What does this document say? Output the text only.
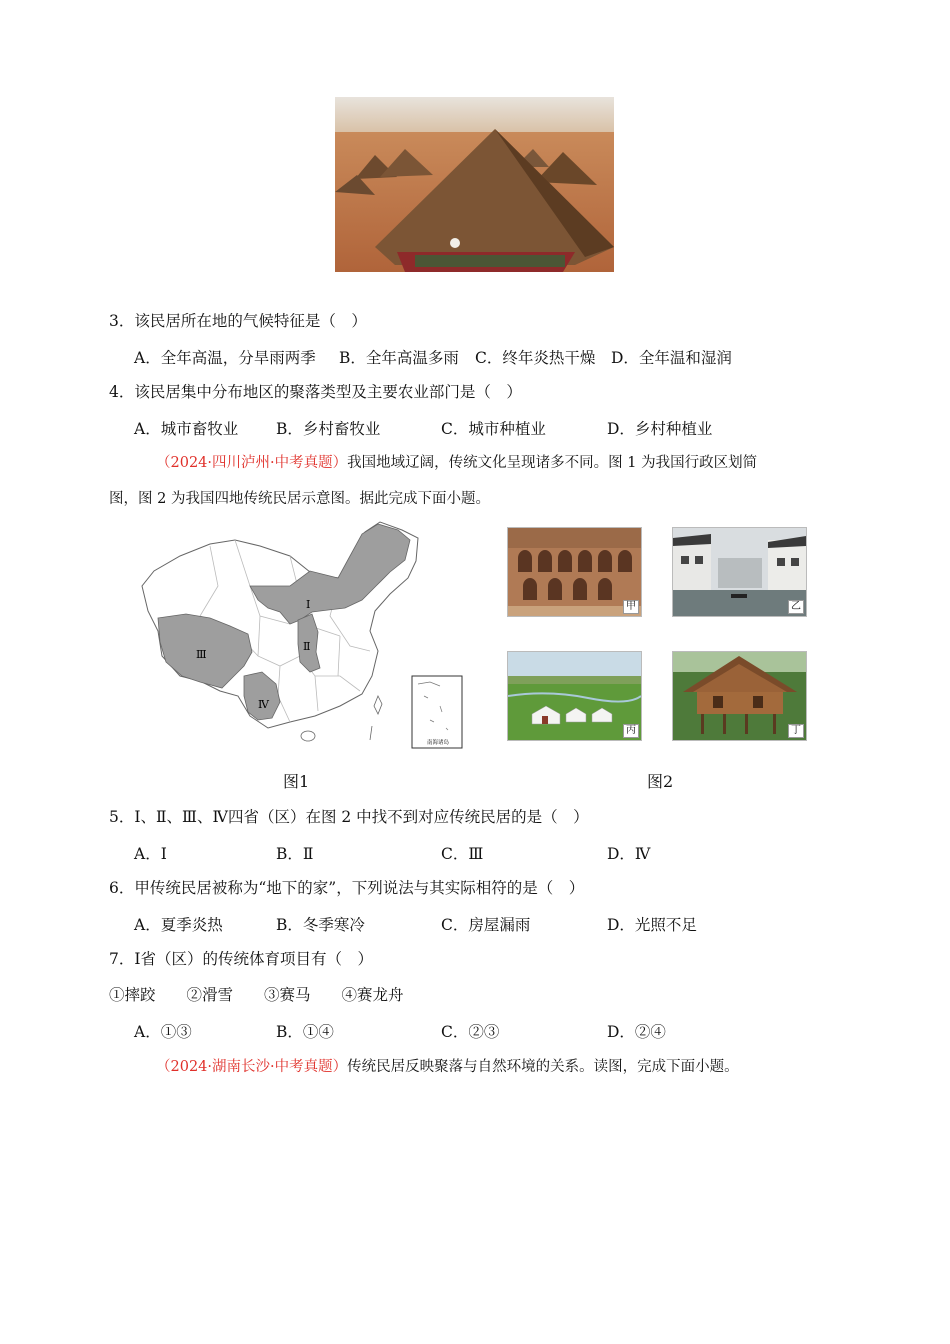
3．该民居所在地的气候特征是（　）
A．全年高温，分旱雨两季 B．全年高温多雨 C．终年炎热干燥 D．全年温和湿润
4．该民居集中分布地区的聚落类型及主要农业部门是（　）
A．城市畜牧业 B．乡村畜牧业	C．城市种植业	D．乡村种植业
（2024·四川泸州·中考真题）我国地域辽阔，传统文化呈现诸多不同。图 1 为我国行政区划简
图，图 2 为我国四地传统民居示意图。据此完成下面小题。
Ⅰ
Ⅱ
Ⅲ
Ⅳ
南海诸岛
甲	乙
丙	丁
图1	图2
5．Ⅰ、Ⅱ、Ⅲ、Ⅳ四省（区）在图 2 中找不到对应传统民居的是（　）
A．Ⅰ	B．Ⅱ	C．Ⅲ	D．Ⅳ
6．甲传统民居被称为“地下的家”，下列说法与其实际相符的是（　）
A．夏季炎热	B．冬季寒冷	C．房屋漏雨	D．光照不足
7．Ⅰ省（区）的传统体育项目有（　）
①摔跤　　②滑雪　　③赛马　　④赛龙舟
A．①③	B．①④	C．②③	D．②④
（2024·湖南长沙·中考真题）传统民居反映聚落与自然环境的关系。读图，完成下面小题。
